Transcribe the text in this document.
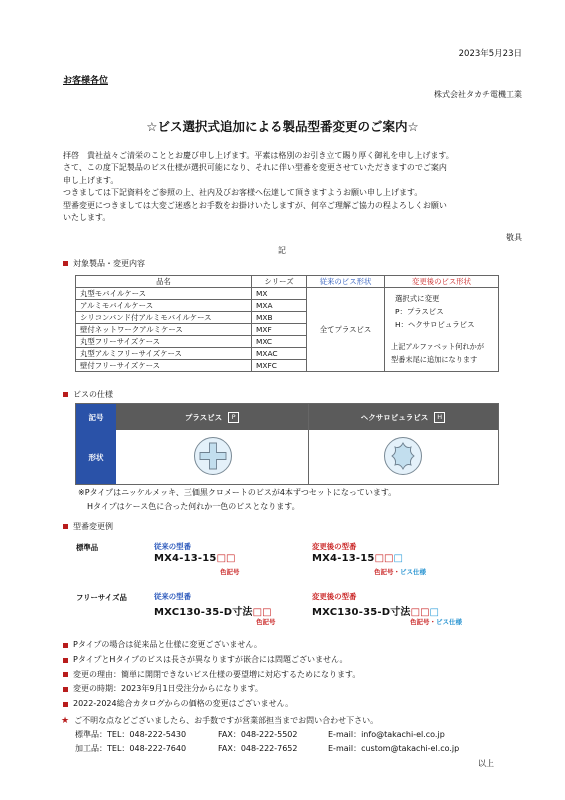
2023年5月23日
お客様各位
株式会社タカチ電機工業
☆ビス選択式追加による製品型番変更のご案内☆

拝啓　貴社益々ご清栄のこととお慶び申し上げます。平素は格別のお引き立て賜り厚く御礼を申し上げます。

さて、この度下記製品のビス仕様が選択可能になり、それに伴い型番を変更させていただきますのでご案内

申し上げます。

つきましては下記資料をご参照の上、社内及びお客様へ伝達して頂きますようお願い申し上げます。

型番変更につきましては大変ご迷惑とお手数をお掛けいたしますが、何卒ご理解ご協力の程よろしくお願い

いたします。

敬具
記
対象製品・変更内容
品名	シリーズ	従来のビス形状	変更後のビス形状
丸型モバイルケース	MX	全てプラスビス	選択式に変更
P：プラスビス
H：ヘクサロビュラビス

アルミモバイルケース	MXA		
シリコンバンド付アルミモバイルケース	MXB		
壁付ネットワークアルミケース	MXF		
丸型フリーサイズケース	MXC		上記アルファベット何れかが
型番末尾に追加になります

丸型アルミフリーサイズケース	MXAC		
壁付フリーサイズケース	MXFC		
ビスの仕様
記号
形状
プラスビス	P	ヘクサロビュラビス	H
※Pタイプはニッケルメッキ、三価黒クロメートのビスが4本ずつセットになっています。
Hタイプはケース色に合った何れか一色のビスとなります。
型番変更例
標準品	従来の型番	変更後の型番
MX4-13-15□□	MX4-13-15□□□
色記号	色記号・ビス仕様
フリーサイズ品	従来の型番	変更後の型番
MXC130-35-D寸法□□	MXC130-35-D寸法□□□
色記号	色記号・ビス仕様
Pタイプの場合は従来品と仕様に変更ございません。
PタイプとHタイプのビスは長さが異なりますが嵌合には問題ございません。
変更の理由：簡単に開閉できないビス仕様の要望増に対応するためになります。
変更の時期：2023年9月1日受注分からになります。
2022-2024総合カタログからの価格の変更はございません。
★ ご不明な点などございましたら、お手数ですが営業部担当までお問い合わせ下さい。
標準品：TEL：048-222-5430	FAX：048-222-5502	E-mail：info@takachi-el.co.jp
加工品：TEL：048-222-7640	FAX：048-222-7652	E-mail：custom@takachi-el.co.jp
以上
